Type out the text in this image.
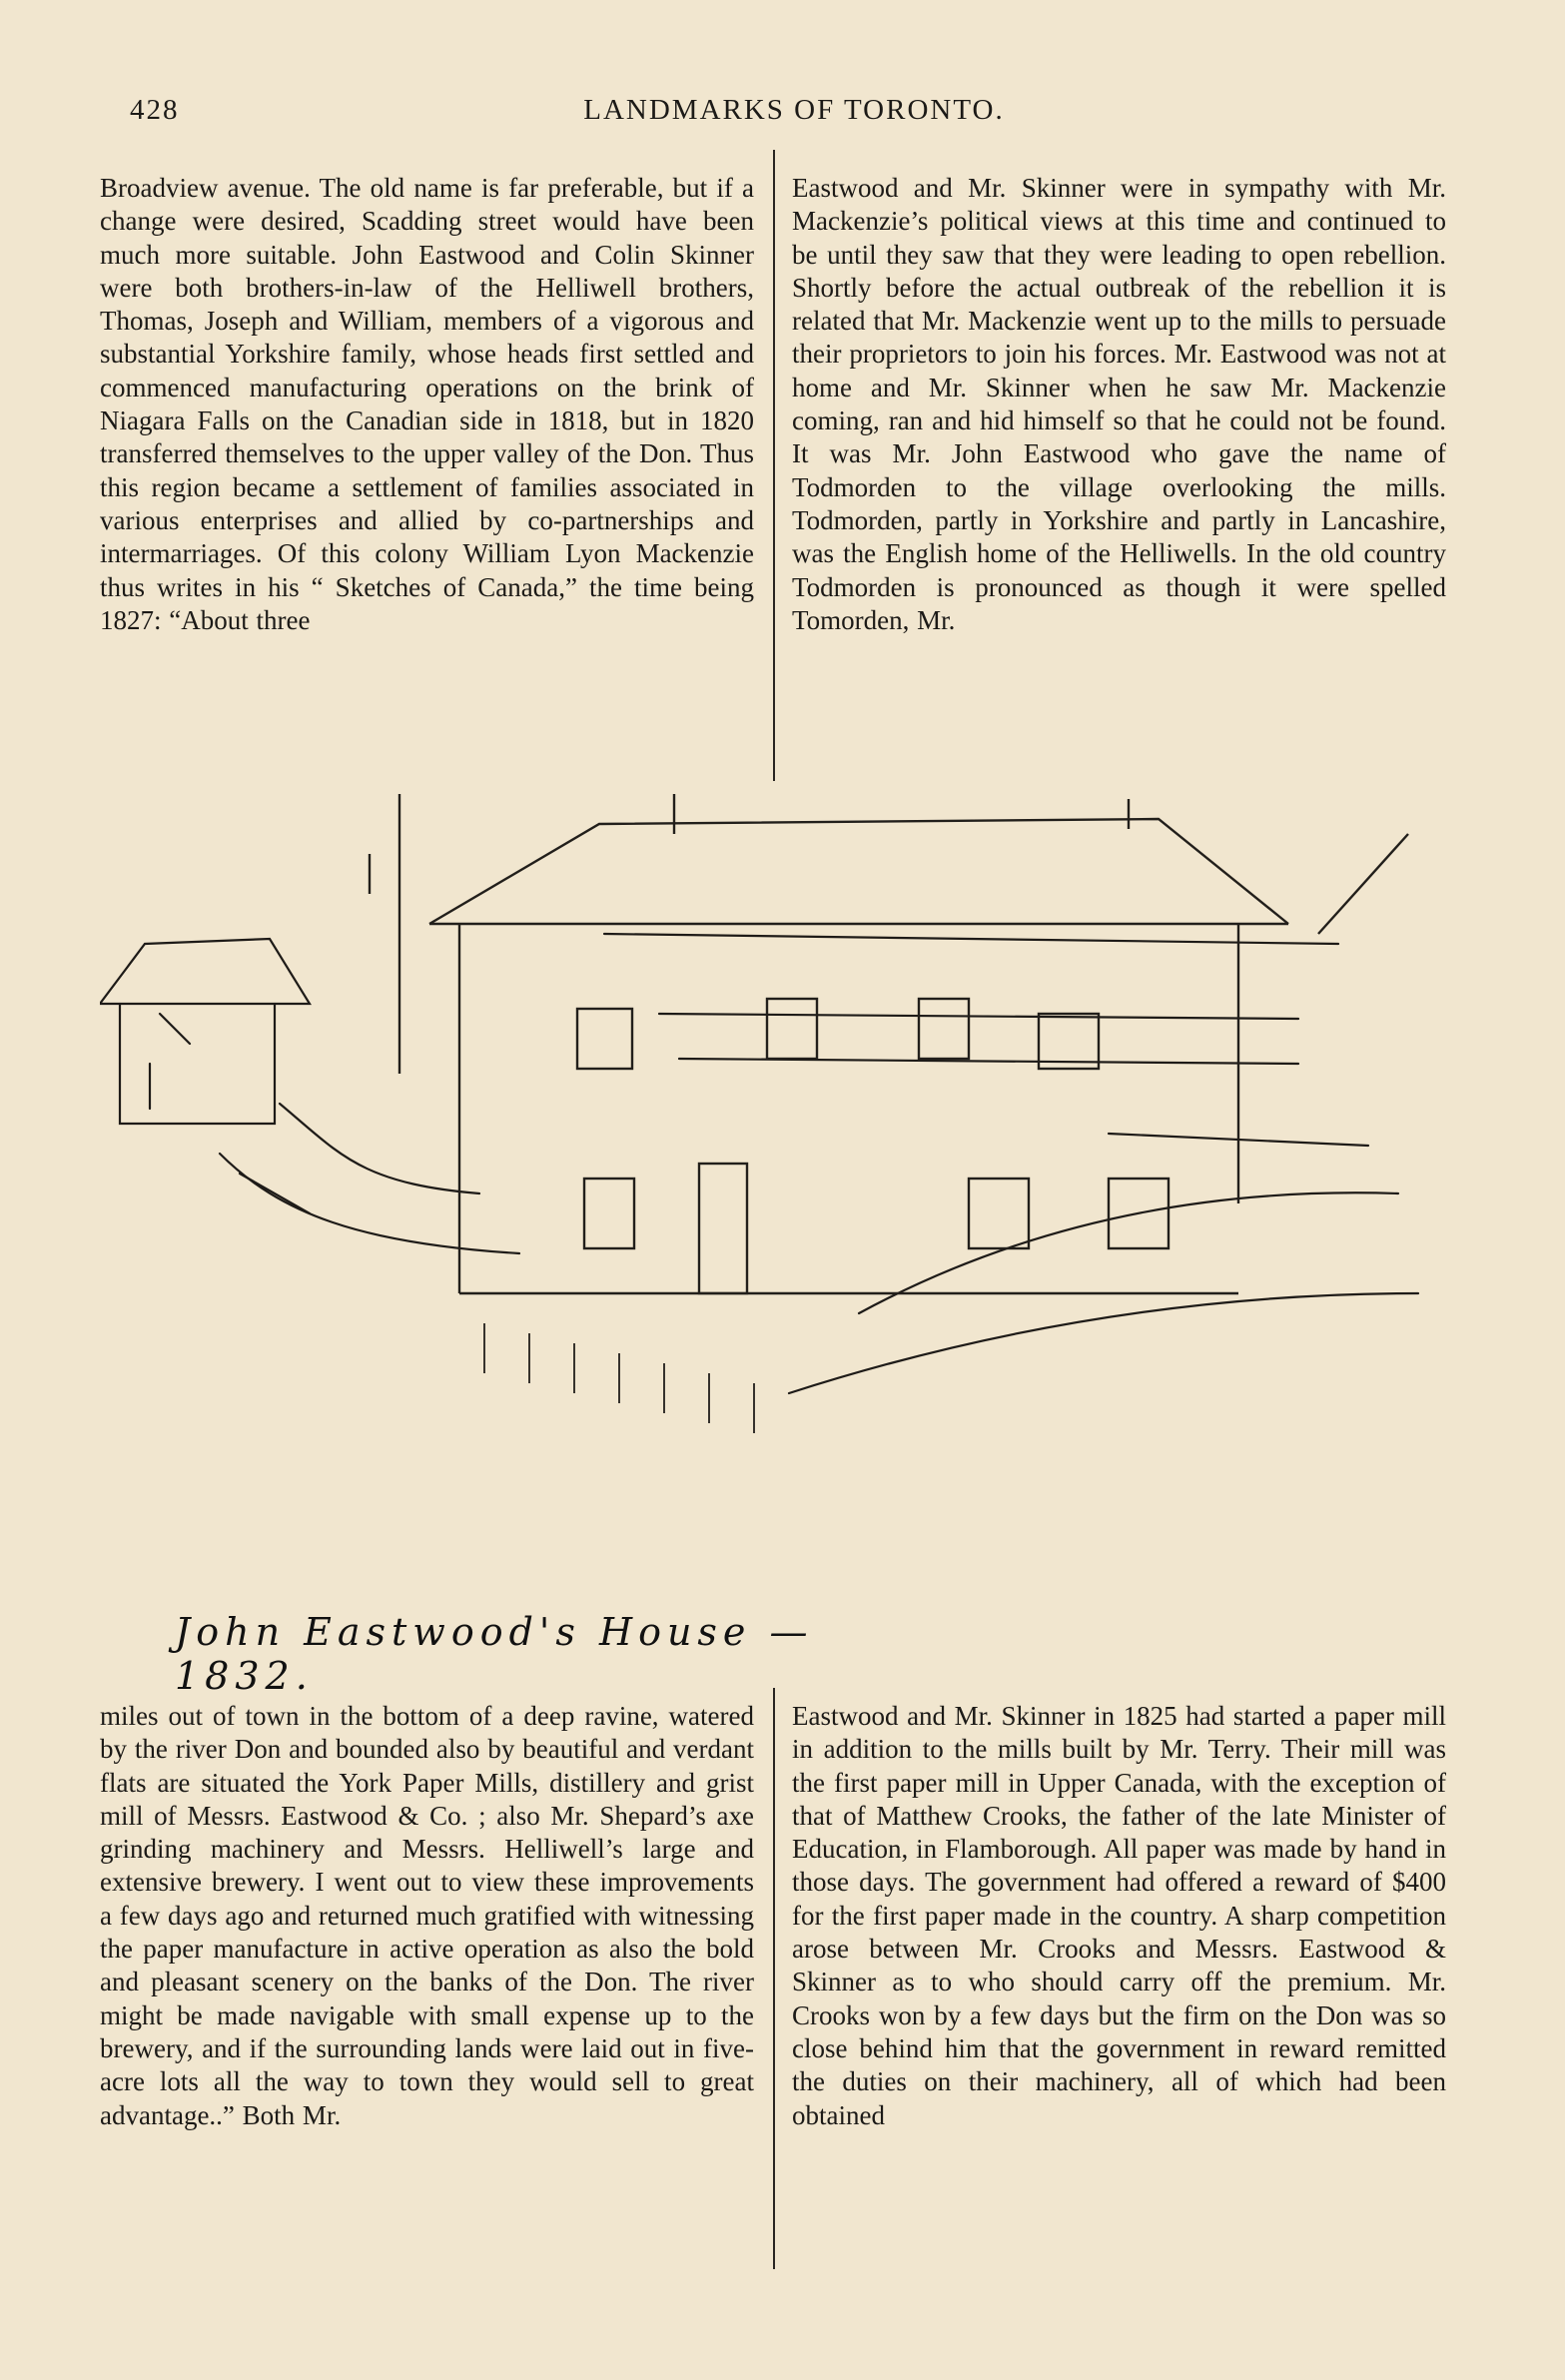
428	LANDMARKS OF TORONTO.

Broadview avenue. The old name is far preferable, but if a change were desired, Scadding street would have been much more suitable. John Eastwood and Colin Skinner were both brothers-in-law of the Helliwell brothers, Thomas, Joseph and William, members of a vigorous and substantial Yorkshire family, whose heads first settled and commenced manufacturing operations on the brink of Niagara Falls on the Canadian side in 1818, but in 1820 transferred themselves to the upper valley of the Don. Thus this region became a settlement of families associated in various enterprises and allied by co-partnerships and intermarriages. Of this colony William Lyon Mackenzie thus writes in his “ Sketches of Canada,” the time being 1827: “About three

Eastwood and Mr. Skinner were in sympathy with Mr. Mackenzie’s political views at this time and continued to be until they saw that they were leading to open rebellion. Shortly before the actual outbreak of the rebellion it is related that Mr. Mackenzie went up to the mills to persuade their proprietors to join his forces. Mr. Eastwood was not at home and Mr. Skinner when he saw Mr. Mackenzie coming, ran and hid himself so that he could not be found. It was Mr. John Eastwood who gave the name of Todmorden to the village overlooking the mills. Todmorden, partly in Yorkshire and partly in Lancashire, was the English home of the Helliwells. In the old country Todmorden is pronounced as though it were spelled Tomorden, Mr.

John Eastwood's House — 1832.

miles out of town in the bottom of a deep ravine, watered by the river Don and bounded also by beautiful and verdant flats are situated the York Paper Mills, distillery and grist mill of Messrs. Eastwood & Co. ; also Mr. Shepard’s axe grinding machinery and Messrs. Helliwell’s large and extensive brewery. I went out to view these improvements a few days ago and returned much gratified with witnessing the paper manufacture in active operation as also the bold and pleasant scenery on the banks of the Don. The river might be made navigable with small expense up to the brewery, and if the surrounding lands were laid out in five-acre lots all the way to town they would sell to great advantage..” Both Mr.

Eastwood and Mr. Skinner in 1825 had started a paper mill in addition to the mills built by Mr. Terry. Their mill was the first paper mill in Upper Canada, with the exception of that of Matthew Crooks, the father of the late Minister of Education, in Flamborough. All paper was made by hand in those days. The government had offered a reward of $400 for the first paper made in the country. A sharp competition arose between Mr. Crooks and Messrs. Eastwood & Skinner as to who should carry off the premium. Mr. Crooks won by a few days but the firm on the Don was so close behind him that the government in reward remitted the duties on their machinery, all of which had been obtained
